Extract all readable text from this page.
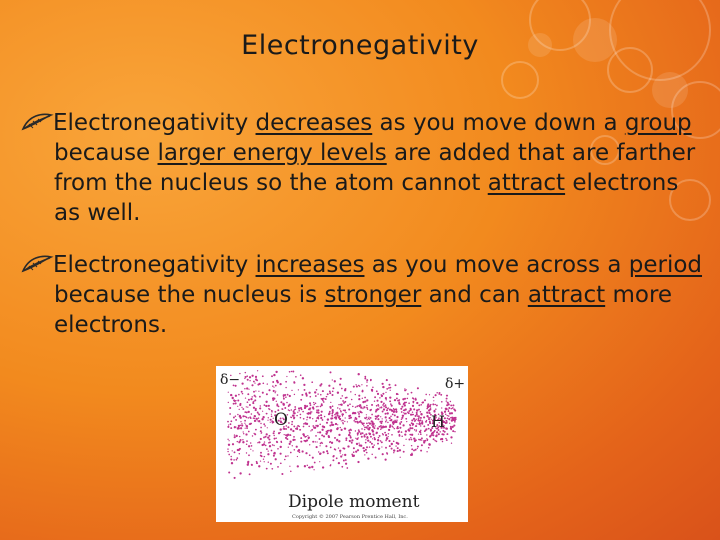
Electronegativity
Electronegativity decreases as you move down a group because larger energy levels are added that are farther from the nucleus so the atom cannot attract electrons as well.
Electronegativity increases as you move across a period because the nucleus is stronger and can attract more electrons.
δ−	δ+
O	H
Dipole moment
Copyright © 2007 Pearson Prentice Hall, Inc.
